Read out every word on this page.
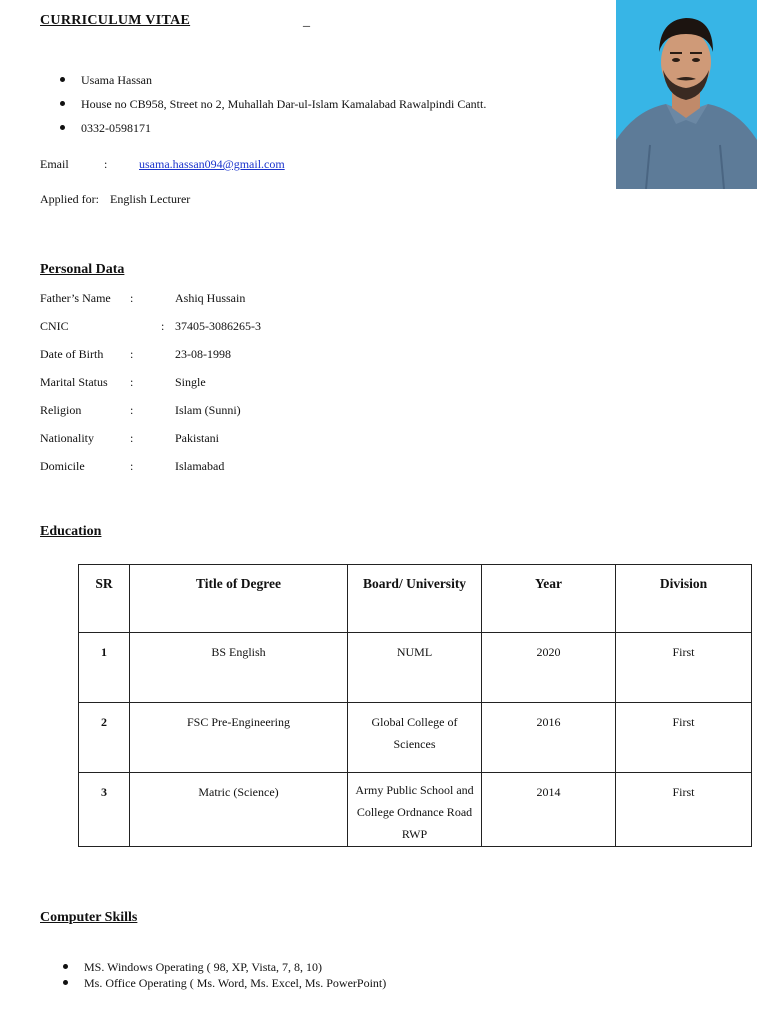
CURRICULUM VITAE	_
Usama Hassan
House no CB958, Street no 2, Muhallah Dar-ul-Islam Kamalabad Rawalpindi Cantt.
0332-0598171
Email	:	usama.hassan094@gmail.com
Applied for: English Lecturer
Personal Data
Father’s Name :	Ashiq Hussain
CNIC	: 37405-3086265-3
Date of Birth :	23-08-1998
Marital Status :	Single
Religion	:	Islam (Sunni)
Nationality	:	Pakistani
Domicile	:	Islamabad
Education
SR	Title of Degree	Board/ University	Year	Division
1	BS English	NUML	2020	First
2	FSC Pre-Engineering	Global College of Sciences	2016	First
3	Matric (Science)	Army Public School and College Ordnance Road RWP	2014	First
Computer Skills
MS. Windows Operating ( 98, XP, Vista, 7, 8, 10)
Ms. Office Operating ( Ms. Word, Ms. Excel, Ms. PowerPoint)
